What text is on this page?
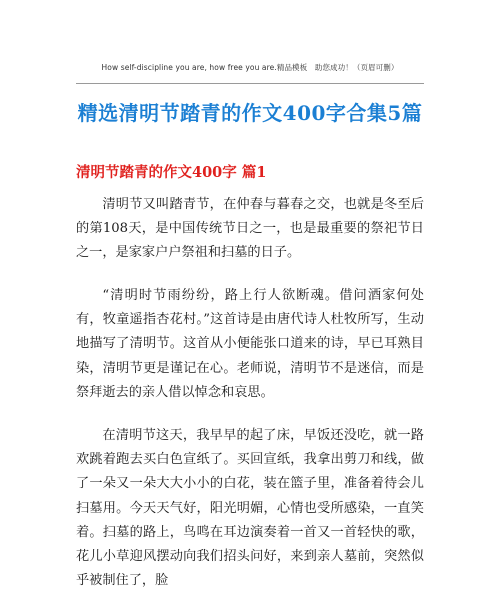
How self-discipline you are, how free you are.精品模板　助您成功！（页眉可删）
精选清明节踏青的作文400字合集5篇
清明节踏青的作文400字 篇1

清明节又叫踏青节，在仲春与暮春之交，也就是冬至后的第108天，是中国传统节日之一，也是最重要的祭祀节日之一，是家家户户祭祖和扫墓的日子。

“清明时节雨纷纷，路上行人欲断魂。借问酒家何处有，牧童遥指杏花村。”这首诗是由唐代诗人杜牧所写，生动地描写了清明节。这首从小便能张口道来的诗，早已耳熟目染，清明节更是谨记在心。老师说，清明节不是迷信，而是祭拜逝去的亲人借以悼念和哀思。

在清明节这天，我早早的起了床，早饭还没吃，就一路欢跳着跑去买白色宣纸了。买回宣纸，我拿出剪刀和线，做了一朵又一朵大大小小的白花，装在篮子里，准备着待会儿扫墓用。今天天气好，阳光明媚，心情也受所感染，一直笑着。扫墓的路上，鸟鸣在耳边演奏着一首又一首轻快的歌，花儿小草迎风摆动向我们招头问好，来到亲人墓前，突然似乎被制住了，脸
